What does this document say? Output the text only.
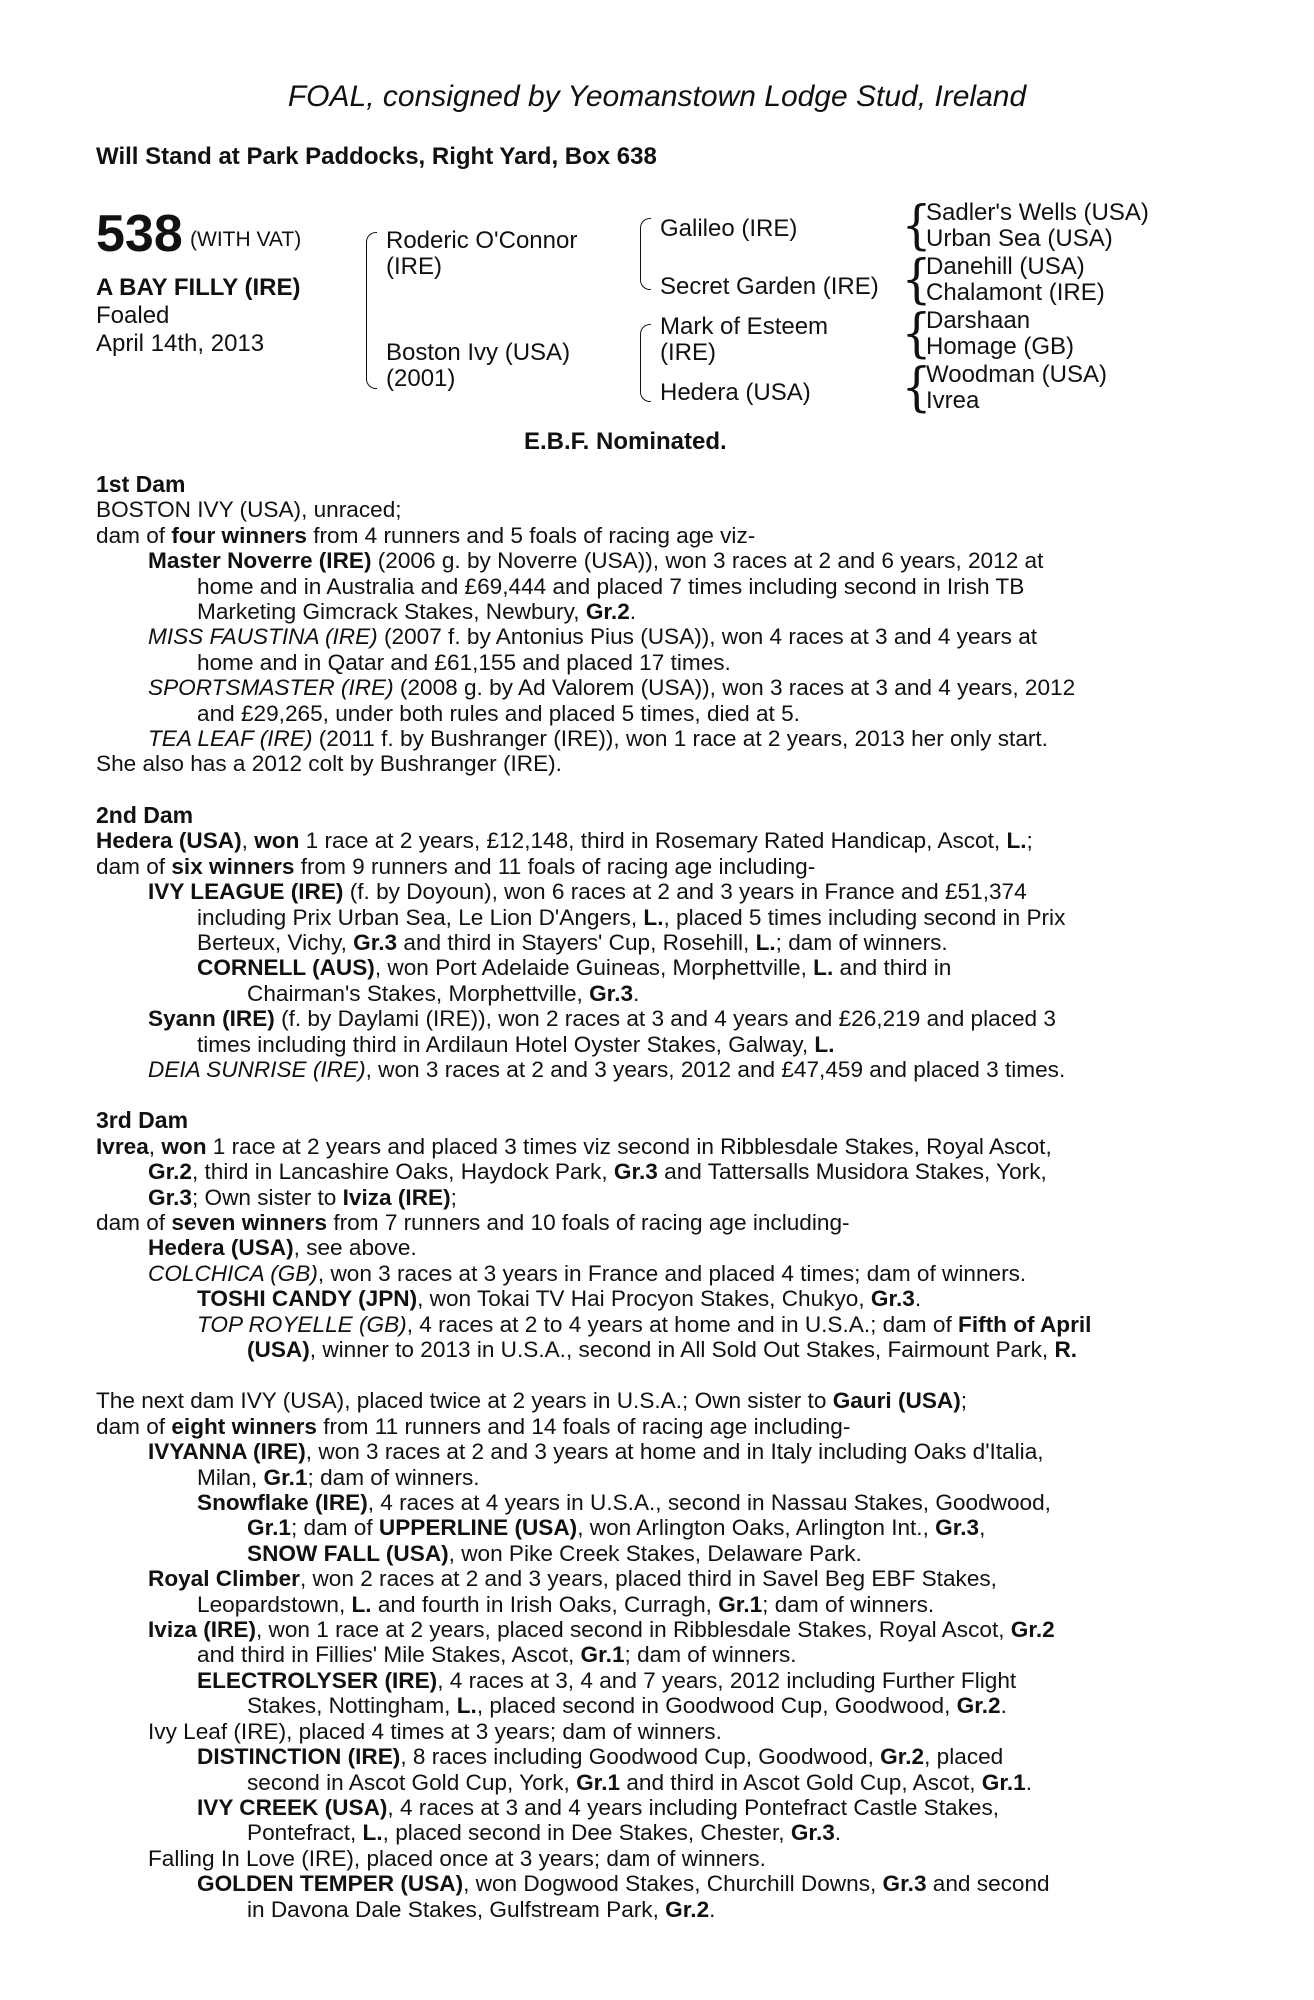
FOAL, consigned by Yeomanstown Lodge Stud, Ireland
Will Stand at Park Paddocks, Right Yard, Box 638
538 (WITH VAT)
A BAY FILLY (IRE)
Foaled
April 14th, 2013
Roderic O'Connor
(IRE)
Boston Ivy (USA)
(2001)
Galileo (IRE)
Secret Garden (IRE)
Mark of Esteem
(IRE)
Hedera (USA)
{
Sadler's Wells (USA)
Urban Sea (USA)
{
Danehill (USA)
Chalamont (IRE)
{
Darshaan
Homage (GB)
{
Woodman (USA)
Ivrea
E.B.F. Nominated.
1st Dam
BOSTON IVY (USA), unraced;
dam of four winners from 4 runners and 5 foals of racing age viz-
Master Noverre (IRE) (2006 g. by Noverre (USA)), won 3 races at 2 and 6 years, 2012 at
home and in Australia and £69,444 and placed 7 times including second in Irish TB
Marketing Gimcrack Stakes, Newbury, Gr.2.
MISS FAUSTINA (IRE) (2007 f. by Antonius Pius (USA)), won 4 races at 3 and 4 years at
home and in Qatar and £61,155 and placed 17 times.
SPORTSMASTER (IRE) (2008 g. by Ad Valorem (USA)), won 3 races at 3 and 4 years, 2012
and £29,265, under both rules and placed 5 times, died at 5.
TEA LEAF (IRE) (2011 f. by Bushranger (IRE)), won 1 race at 2 years, 2013 her only start.
She also has a 2012 colt by Bushranger (IRE).
2nd Dam
Hedera (USA), won 1 race at 2 years, £12,148, third in Rosemary Rated Handicap, Ascot, L.;
dam of six winners from 9 runners and 11 foals of racing age including-
IVY LEAGUE (IRE) (f. by Doyoun), won 6 races at 2 and 3 years in France and £51,374
including Prix Urban Sea, Le Lion D'Angers, L., placed 5 times including second in Prix
Berteux, Vichy, Gr.3 and third in Stayers' Cup, Rosehill, L.; dam of winners.
CORNELL (AUS), won Port Adelaide Guineas, Morphettville, L. and third in
Chairman's Stakes, Morphettville, Gr.3.
Syann (IRE) (f. by Daylami (IRE)), won 2 races at 3 and 4 years and £26,219 and placed 3
times including third in Ardilaun Hotel Oyster Stakes, Galway, L.
DEIA SUNRISE (IRE), won 3 races at 2 and 3 years, 2012 and £47,459 and placed 3 times.
3rd Dam
Ivrea, won 1 race at 2 years and placed 3 times viz second in Ribblesdale Stakes, Royal Ascot,
Gr.2, third in Lancashire Oaks, Haydock Park, Gr.3 and Tattersalls Musidora Stakes, York,
Gr.3; Own sister to Iviza (IRE);
dam of seven winners from 7 runners and 10 foals of racing age including-
Hedera (USA), see above.
COLCHICA (GB), won 3 races at 3 years in France and placed 4 times; dam of winners.
TOSHI CANDY (JPN), won Tokai TV Hai Procyon Stakes, Chukyo, Gr.3.
TOP ROYELLE (GB), 4 races at 2 to 4 years at home and in U.S.A.; dam of Fifth of April
(USA), winner to 2013 in U.S.A., second in All Sold Out Stakes, Fairmount Park, R.
The next dam IVY (USA), placed twice at 2 years in U.S.A.; Own sister to Gauri (USA);
dam of eight winners from 11 runners and 14 foals of racing age including-
IVYANNA (IRE), won 3 races at 2 and 3 years at home and in Italy including Oaks d'Italia,
Milan, Gr.1; dam of winners.
Snowflake (IRE), 4 races at 4 years in U.S.A., second in Nassau Stakes, Goodwood,
Gr.1; dam of UPPERLINE (USA), won Arlington Oaks, Arlington Int., Gr.3,
SNOW FALL (USA), won Pike Creek Stakes, Delaware Park.
Royal Climber, won 2 races at 2 and 3 years, placed third in Savel Beg EBF Stakes,
Leopardstown, L. and fourth in Irish Oaks, Curragh, Gr.1; dam of winners.
Iviza (IRE), won 1 race at 2 years, placed second in Ribblesdale Stakes, Royal Ascot, Gr.2
and third in Fillies' Mile Stakes, Ascot, Gr.1; dam of winners.
ELECTROLYSER (IRE), 4 races at 3, 4 and 7 years, 2012 including Further Flight
Stakes, Nottingham, L., placed second in Goodwood Cup, Goodwood, Gr.2.
Ivy Leaf (IRE), placed 4 times at 3 years; dam of winners.
DISTINCTION (IRE), 8 races including Goodwood Cup, Goodwood, Gr.2, placed
second in Ascot Gold Cup, York, Gr.1 and third in Ascot Gold Cup, Ascot, Gr.1.
IVY CREEK (USA), 4 races at 3 and 4 years including Pontefract Castle Stakes,
Pontefract, L., placed second in Dee Stakes, Chester, Gr.3.
Falling In Love (IRE), placed once at 3 years; dam of winners.
GOLDEN TEMPER (USA), won Dogwood Stakes, Churchill Downs, Gr.3 and second
in Davona Dale Stakes, Gulfstream Park, Gr.2.
